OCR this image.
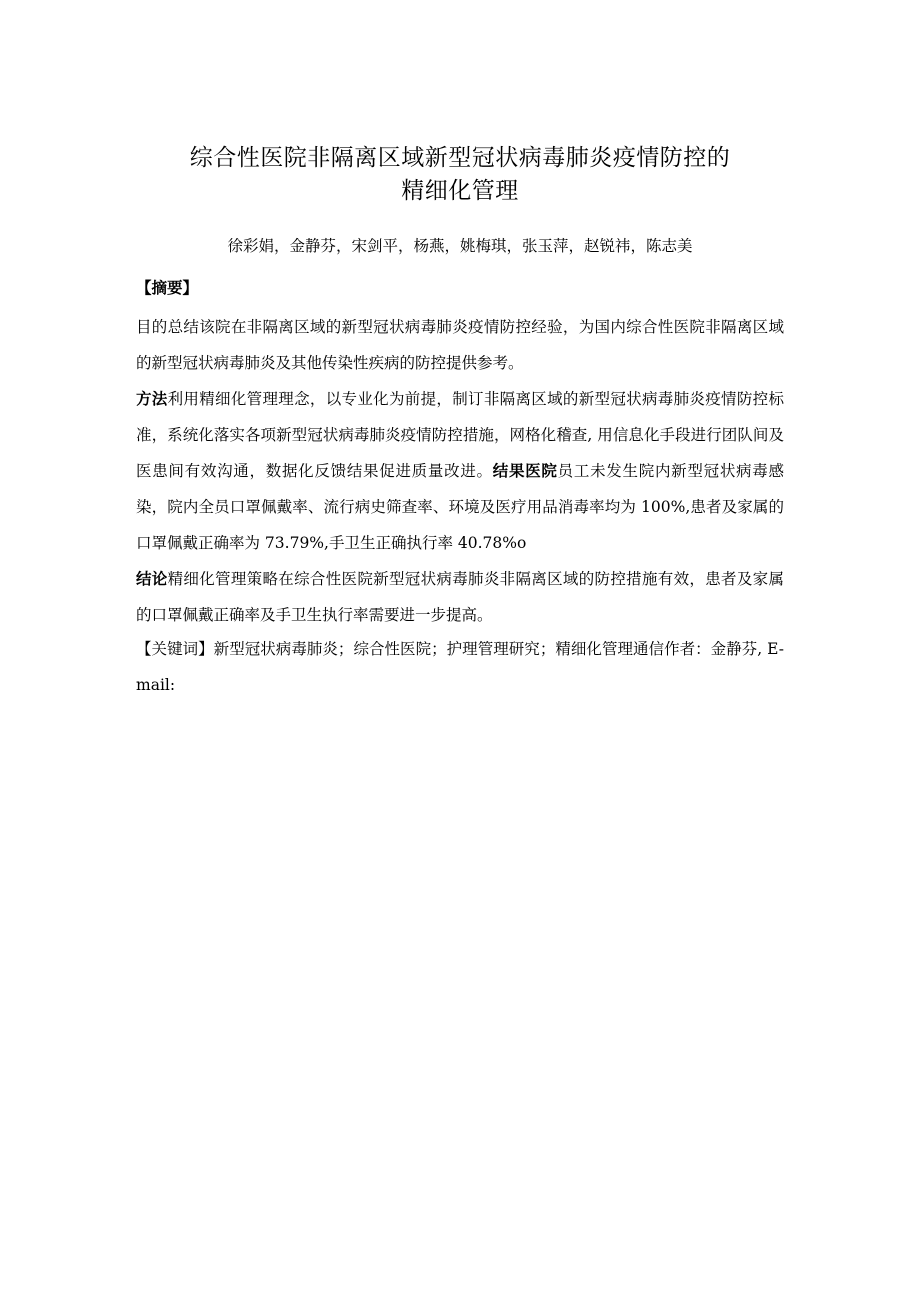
综合性医院非隔离区域新型冠状病毒肺炎疫情防控的
精细化管理
徐彩娟，金静芬，宋剑平，杨燕，姚梅琪，张玉萍，赵锐祎，陈志美
【摘要】
目的总结该院在非隔离区域的新型冠状病毒肺炎疫情防控经验，为国内综合性医院非隔离区域的新型冠状病毒肺炎及其他传染性疾病的防控提供参考。
方法利用精细化管理理念，以专业化为前提，制订非隔离区域的新型冠状病毒肺炎疫情防控标准，系统化落实各项新型冠状病毒肺炎疫情防控措施，网格化稽查, 用信息化手段进行团队间及医患间有效沟通，数据化反馈结果促进质量改进。结果医院员工未发生院内新型冠状病毒感染，院内全员口罩佩戴率、流行病史筛查率、环境及医疗用品消毒率均为 100%,患者及家属的口罩佩戴正确率为 73.79%,手卫生正确执行率 40.78%o
结论精细化管理策略在综合性医院新型冠状病毒肺炎非隔离区域的防控措施有效，患者及家属的口罩佩戴正确率及手卫生执行率需要进一步提高。
【关键词】新型冠状病毒肺炎；综合性医院；护理管理研究；精细化管理通信作者：金静芬, E-mail:
